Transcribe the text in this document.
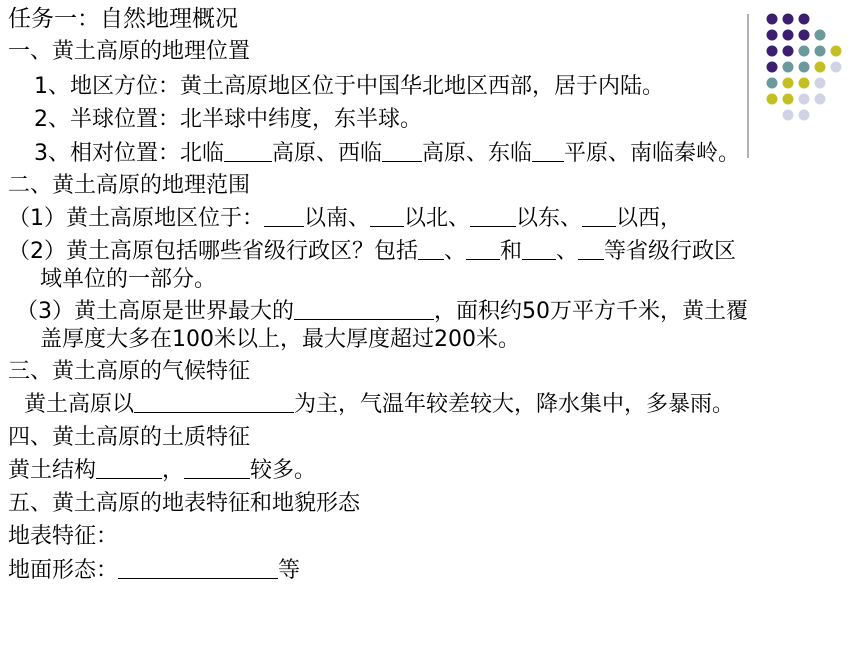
任务一：自然地理概况
一、黄土高原的地理位置
1、地区方位：黄土高原地区位于中国华北地区西部，居于内陆。
2、半球位置：北半球中纬度，东半球。
3、相对位置：北临 高原、西临 高原、东临 平原、南临秦岭。
二、黄土高原的地理范围
（1）黄土高原地区位于： 以南、 以北、 以东、 以西，
（2）黄土高原包括哪些省级行政区？包括 、 和 、 等省级行政区
域单位的一部分。
（3）黄土高原是世界最大的	，面积约50万平方千米，黄土覆
盖厚度大多在100米以上，最大厚度超过200米。
三、黄土高原的气候特征
黄土高原以	为主，气温年较差较大，降水集中，多暴雨。
四、黄土高原的土质特征
黄土结构	，	较多。
五、黄土高原的地表特征和地貌形态
地表特征：
地面形态：	等
